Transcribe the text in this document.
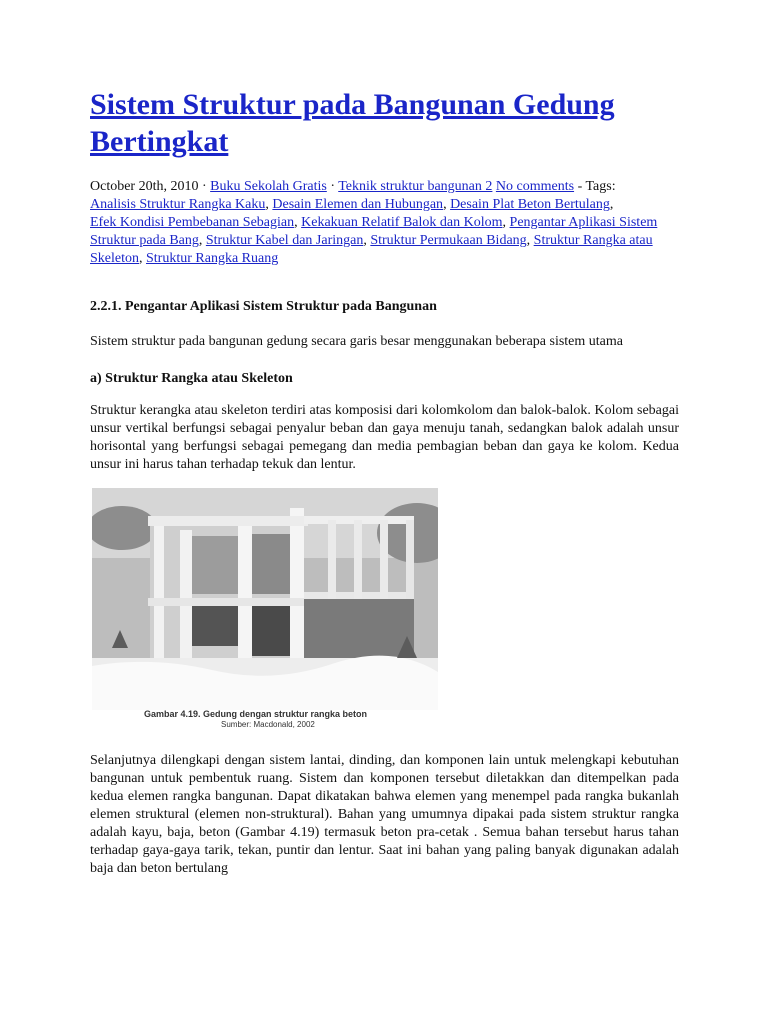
Sistem Struktur pada Bangunan Gedung Bertingkat
October 20th, 2010 · Buku Sekolah Gratis · Teknik struktur bangunan 2 No comments - Tags:
Analisis Struktur Rangka Kaku, Desain Elemen dan Hubungan, Desain Plat Beton Bertulang,
Efek Kondisi Pembebanan Sebagian, Kekakuan Relatif Balok dan Kolom, Pengantar Aplikasi Sistem Struktur pada Bang, Struktur Kabel dan Jaringan, Struktur Permukaan Bidang, Struktur Rangka atau Skeleton, Struktur Rangka Ruang
2.2.1. Pengantar Aplikasi Sistem Struktur pada Bangunan
Sistem struktur pada bangunan gedung secara garis besar menggunakan beberapa sistem utama
a) Struktur Rangka atau Skeleton
Struktur kerangka atau skeleton terdiri atas komposisi dari kolomkolom dan balok-balok. Kolom sebagai unsur vertikal berfungsi sebagai penyalur beban dan gaya menuju tanah, sedangkan balok adalah unsur horisontal yang berfungsi sebagai pemegang dan media pembagian beban dan gaya ke kolom. Kedua unsur ini harus tahan terhadap tekuk dan lentur.
Gambar 4.19. Gedung dengan struktur rangka beton
Sumber: Macdonald, 2002
Selanjutnya dilengkapi dengan sistem lantai, dinding, dan komponen lain untuk melengkapi kebutuhan bangunan untuk pembentuk ruang. Sistem dan komponen tersebut diletakkan dan ditempelkan pada kedua elemen rangka bangunan. Dapat dikatakan bahwa elemen yang menempel pada rangka bukanlah elemen struktural (elemen non-struktural). Bahan yang umumnya dipakai pada sistem struktur rangka adalah kayu, baja, beton (Gambar 4.19) termasuk beton pra-cetak . Semua bahan tersebut harus tahan terhadap gaya-gaya tarik, tekan, puntir dan lentur. Saat ini bahan yang paling banyak digunakan adalah baja dan beton bertulang
